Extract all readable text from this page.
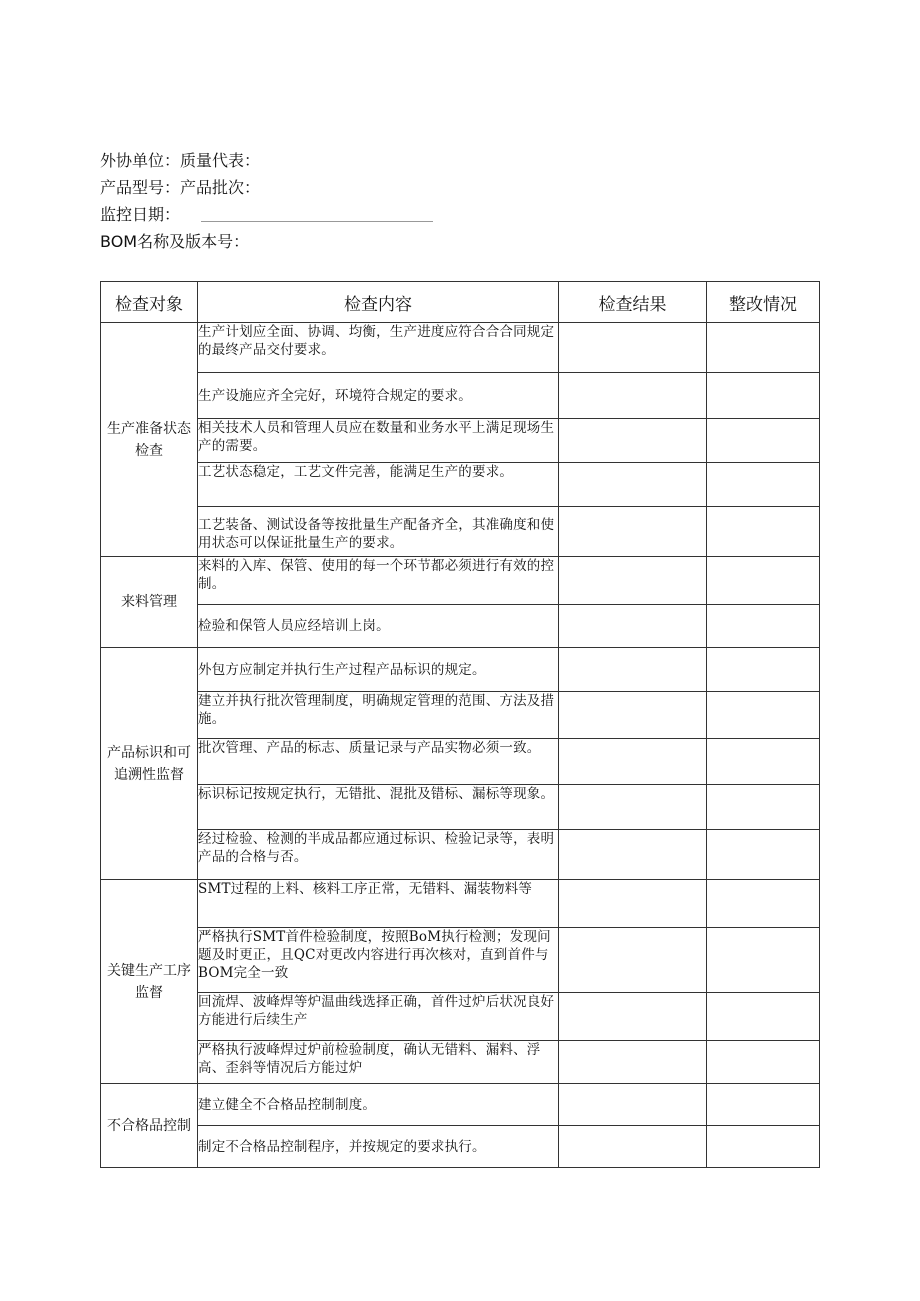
外协单位：质量代表：
产品型号：产品批次：
监控日期：
BOM名称及版本号：
检查对象	检查内容	检查结果	整改情况
生产准备状态检查	生产计划应全面、协调、均衡，生产进度应符合合合同规定的最终产品交付要求。		
	生产设施应齐全完好，环境符合规定的要求。		
	相关技术人员和管理人员应在数量和业务水平上满足现场生产的需要。		
	工艺状态稳定，工艺文件完善，能满足生产的要求。		
	工艺装备、测试设备等按批量生产配备齐全，其准确度和使用状态可以保证批量生产的要求。		
来料管理	来料的入库、保管、使用的每一个环节都必须进行有效的控制。		
	检验和保管人员应经培训上岗。		
产品标识和可追溯性监督	外包方应制定并执行生产过程产品标识的规定。		
	建立并执行批次管理制度，明确规定管理的范围、方法及措施。		
	批次管理、产品的标志、质量记录与产品实物必须一致。		
	标识标记按规定执行，无错批、混批及错标、漏标等现象。		
	经过检验、检测的半成品都应通过标识、检验记录等，表明产品的合格与否。		
关键生产工序监督	SMT过程的上料、核料工序正常，无错料、漏装物料等		
	严格执行SMT首件检验制度，按照BoM执行检测；发现问题及时更正，且QC对更改内容进行再次核对，直到首件与BOM完全一致		
	回流焊、波峰焊等炉温曲线选择正确，首件过炉后状况良好方能进行后续生产		
	严格执行波峰焊过炉前检验制度，确认无错料、漏料、浮高、歪斜等情况后方能过炉		
不合格品控制	建立健全不合格品控制制度。		
	制定不合格品控制程序，并按规定的要求执行。		
